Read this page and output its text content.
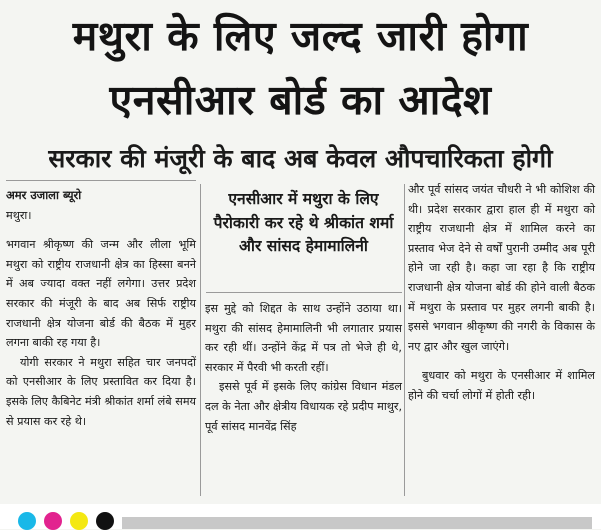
मथुरा के लिए जल्द जारी होगा
एनसीआर बोर्ड का आदेश
सरकार की मंजूरी के बाद अब केवल औपचारिकता होगी

अमर उजाला ब्यूरो

मथुरा।

भगवान श्रीकृष्ण की जन्म और लीला भूमि मथुरा को राष्ट्रीय राजधानी क्षेत्र का हिस्सा बनने में अब ज्यादा वक्त नहीं लगेगा। उत्तर प्रदेश सरकार की मंजूरी के बाद अब सिर्फ राष्ट्रीय राजधानी क्षेत्र योजना बोर्ड की बैठक में मुहर लगना बाकी रह गया है।

योगी सरकार ने मथुरा सहित चार जनपदों को एनसीआर के लिए प्रस्तावित कर दिया है। इसके लिए कैबिनेट मंत्री श्रीकांत शर्मा लंबे समय से प्रयास कर रहे थे।

एनसीआर में मथुरा के लिए पैरोकारी कर रहे थे श्रीकांत शर्मा और सांसद हेमामालिनी

इस मुद्दे को शिद्दत के साथ उन्होंने उठाया था। मथुरा की सांसद हेमामालिनी भी लगातार प्रयास कर रही थीं। उन्होंने केंद्र में पत्र तो भेजे ही थे, सरकार में पैरवी भी करती रहीं।

इससे पूर्व में इसके लिए कांग्रेस विधान मंडल दल के नेता और क्षेत्रीय विधायक रहे प्रदीप माथुर, पूर्व सांसद मानवेंद्र सिंह

और पूर्व सांसद जयंत चौधरी ने भी कोशिश की थी। प्रदेश सरकार द्वारा हाल ही में मथुरा को राष्ट्रीय राजधानी क्षेत्र में शामिल करने का प्रस्ताव भेज देने से वर्षों पुरानी उम्मीद अब पूरी होने जा रही है। कहा जा रहा है कि राष्ट्रीय राजधानी क्षेत्र योजना बोर्ड की होने वाली बैठक में मथुरा के प्रस्ताव पर मुहर लगनी बाकी है। इससे भगवान श्रीकृष्ण की नगरी के विकास के नए द्वार और खुल जाएंगे।

बुधवार को मथुरा के एनसीआर में शामिल होने की चर्चा लोगों में होती रही।
